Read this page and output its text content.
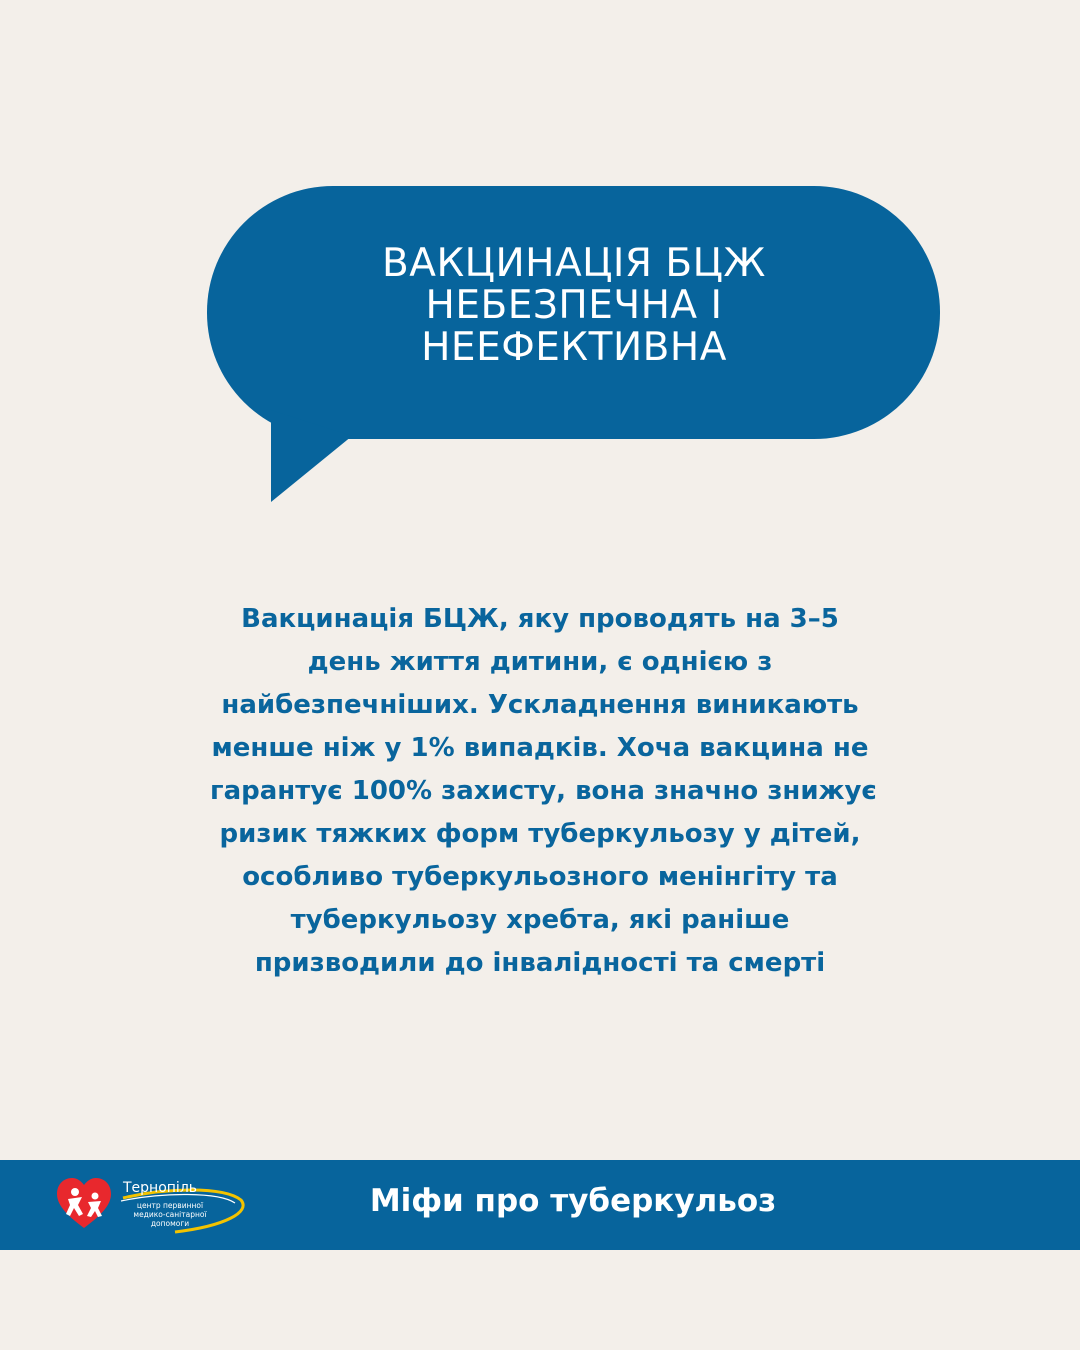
ВАКЦИНАЦІЯ БЦЖ
НЕБЕЗПЕЧНА І
НЕЕФЕКТИВНА
Вакцинація БЦЖ, яку проводять на 3–5
день життя дитини, є однією з
найбезпечніших. Ускладнення виникають
менше ніж у 1% випадків. Хоча вакцина не
гарантує 100% захисту, вона значно знижує
ризик тяжких форм туберкульозу у дітей,
особливо туберкульозного менінгіту та
туберкульозу хребта, які раніше
призводили до інвалідності та смерті
Тернопіль
центр первинної
медико-санітарної
допомоги
Міфи про туберкульоз
